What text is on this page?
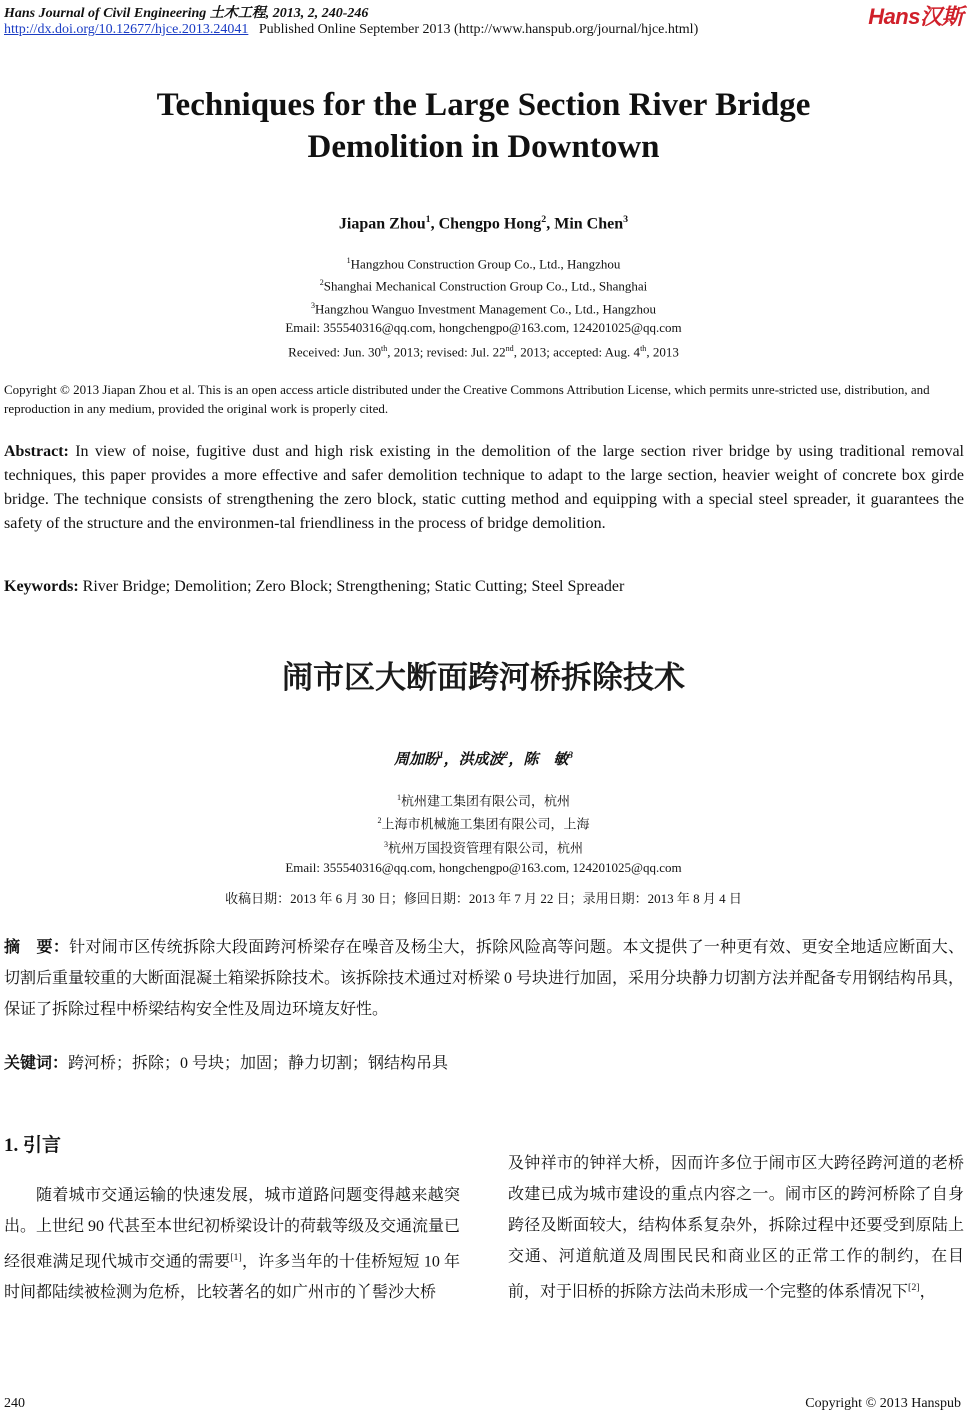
Hans Journal of Civil Engineering 土木工程, 2013, 2, 240-246
http://dx.doi.org/10.12677/hjce.2013.24041 Published Online September 2013 (http://www.hanspub.org/journal/hjce.html)
Hans汉斯
Techniques for the Large Section River Bridge
Demolition in Downtown
Jiapan Zhou$^1$, Chengpo Hong$^2$, Min Chen$^3$
$^1$Hangzhou Construction Group Co., Ltd., Hangzhou
$^2$Shanghai Mechanical Construction Group Co., Ltd., Shanghai
$^3$Hangzhou Wanguo Investment Management Co., Ltd., Hangzhou
Email: 355540316@qq.com, hongchengpo@163.com, 124201025@qq.com
Received: Jun. 30th, 2013; revised: Jul. 22nd, 2013; accepted: Aug. 4th, 2013
Copyright © 2013 Jiapan Zhou et al. This is an open access article distributed under the Creative Commons Attribution License, which permits unre-stricted use, distribution, and reproduction in any medium, provided the original work is properly cited.
Abstract: In view of noise, fugitive dust and high risk existing in the demolition of the large section river bridge by using traditional removal techniques, this paper provides a more effective and safer demolition technique to adapt to the large section, heavier weight of concrete box girde bridge. The technique consists of strengthening the zero block, static cutting method and equipping with a special steel spreader, it guarantees the safety of the structure and the environmen-tal friendliness in the process of bridge demolition.
Keywords: River Bridge; Demolition; Zero Block; Strengthening; Static Cutting; Steel Spreader
闹市区大断面跨河桥拆除技术
周加盼$^1$，洪成波$^2$，陈　敏$^3$
$^1$杭州建工集团有限公司，杭州
$^2$上海市机械施工集团有限公司，上海
$^3$杭州万国投资管理有限公司，杭州
Email: 355540316@qq.com, hongchengpo@163.com, 124201025@qq.com
收稿日期：2013 年 6 月 30 日；修回日期：2013 年 7 月 22 日；录用日期：2013 年 8 月 4 日
摘　要：针对闹市区传统拆除大段面跨河桥梁存在噪音及杨尘大，拆除风险高等问题。本文提供了一种更有效、更安全地适应断面大、切割后重量较重的大断面混凝土箱梁拆除技术。该拆除技术通过对桥梁 0 号块进行加固，采用分块静力切割方法并配备专用钢结构吊具，保证了拆除过程中桥梁结构安全性及周边环境友好性。
关键词：跨河桥；拆除；0 号块；加固；静力切割；钢结构吊具
1. 引言
随着城市交通运输的快速发展，城市道路问题变得越来越突出。上世纪 90 代甚至本世纪初桥梁设计的荷载等级及交通流量已经很难满足现代城市交通的需要[1]，许多当年的十佳桥短短 10 年时间都陆续被检测为危桥，比较著名的如广州市的丫髻沙大桥
及钟祥市的钟祥大桥，因而许多位于闹市区大跨径跨河道的老桥改建已成为城市建设的重点内容之一。闹市区的跨河桥除了自身跨径及断面较大，结构体系复杂外，拆除过程中还要受到原陆上交通、河道航道及周围民民和商业区的正常工作的制约，在目前，对于旧桥的拆除方法尚未形成一个完整的体系情况下[2]，
240	Copyright © 2013 Hanspub
